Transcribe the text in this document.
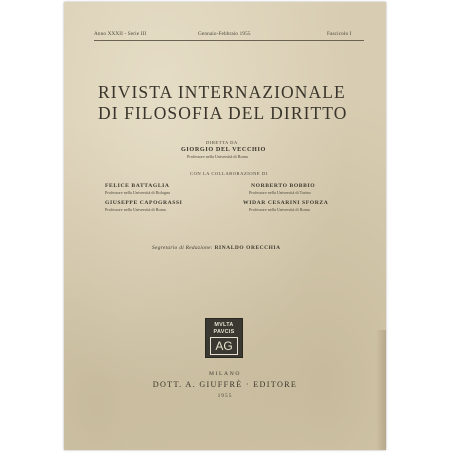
Anno XXXII - Serie III	Gennaio-Febbraio 1955	Fascicolo I
RIVISTA INTERNAZIONALE
DI FILOSOFIA DEL DIRITTO
DIRETTA DA
GIORGIO DEL VECCHIO
Professore nella Università di Roma
CON LA COLLABORAZIONE DI
FELICE BATTAGLIA
Professore nella Università di Bologna
NORBERTO BOBBIO
Professore nella Università di Torino
GIUSEPPE CAPOGRASSI
Professore nella Università di Roma
WIDAR CESARINI SFORZA
Professore nella Università di Roma
Segretario di Redazione: RINALDO ORECCHIA
MVLTA
PAVCIS
AG
MILANO
DOTT. A. GIUFFRÈ · EDITORE
1955
